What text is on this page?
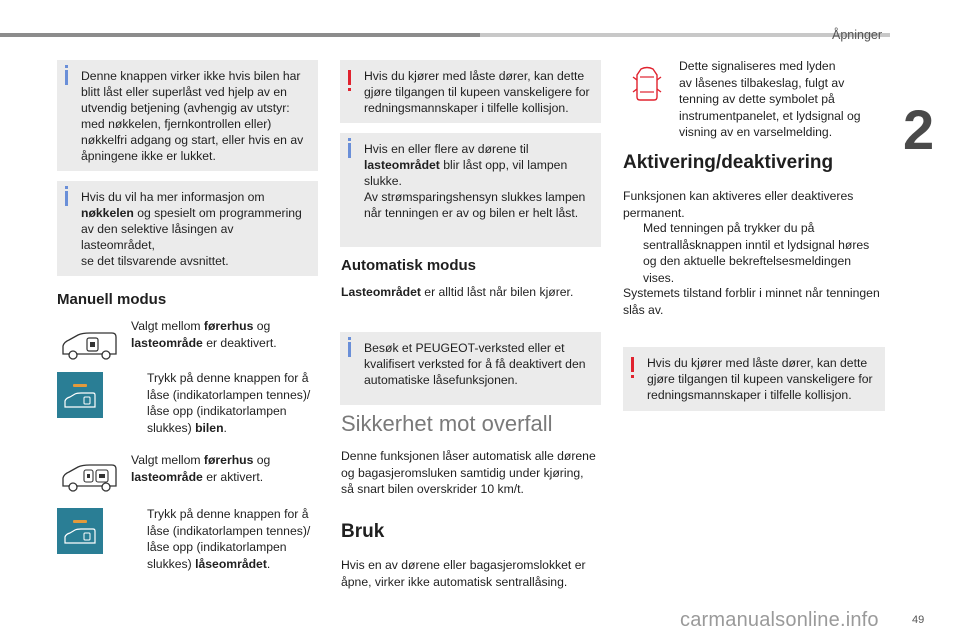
Åpninger
2
49
carmanualsonline.info
Denne knappen virker ikke hvis bilen har
blitt låst eller superlåst ved hjelp av en
utvendig betjening (avhengig av utstyr:
med nøkkelen, fjernkontrollen eller)
nøkkelfri adgang og start, eller hvis en av
åpningene ikke er lukket.
Hvis du vil ha mer informasjon om
nøkkelen og spesielt om programmering
av den selektive låsingen av lasteområdet,
se det tilsvarende avsnittet.
Manuell modus
Valgt mellom førerhus og
lasteområde er deaktivert.
Trykk på denne knappen for å
låse (indikatorlampen tennes)/
låse opp (indikatorlampen
slukkes) bilen.
Valgt mellom førerhus og
lasteområde er aktivert.
Trykk på denne knappen for å
låse (indikatorlampen tennes)/
låse opp (indikatorlampen
slukkes) låseområdet.
Hvis du kjører med låste dører, kan dette
gjøre tilgangen til kupeen vanskeligere for
redningsmannskaper i tilfelle kollisjon.
Hvis en eller flere av dørene til
lasteområdet blir låst opp, vil lampen
slukke.
Av strømsparingshensyn slukkes lampen
når tenningen er av og bilen er helt låst.
Automatisk modus
Lasteområdet er alltid låst når bilen kjører.
Besøk et PEUGEOT-verksted eller et
kvalifisert verksted for å få deaktivert den
automatiske låsefunksjonen.
Sikkerhet mot overfall
Denne funksjonen låser automatisk alle dørene
og bagasjeromsluken samtidig under kjøring,
så snart bilen overskrider 10 km/t.
Bruk
Hvis en av dørene eller bagasjeromslokket er
åpne, virker ikke automatisk sentrallåsing.
Dette signaliseres med lyden
av låsenes tilbakeslag, fulgt av
tenning av dette symbolet på
instrumentpanelet, et lydsignal og
visning av en varselmelding.
Aktivering/deaktivering
Funksjonen kan aktiveres eller deaktiveres
permanent.
Med tenningen på trykker du på
sentrallåsknappen inntil et lydsignal høres
og den aktuelle bekreftelsesmeldingen
vises.
Systemets tilstand forblir i minnet når tenningen
slås av.
Hvis du kjører med låste dører, kan dette
gjøre tilgangen til kupeen vanskeligere for
redningsmannskaper i tilfelle kollisjon.
